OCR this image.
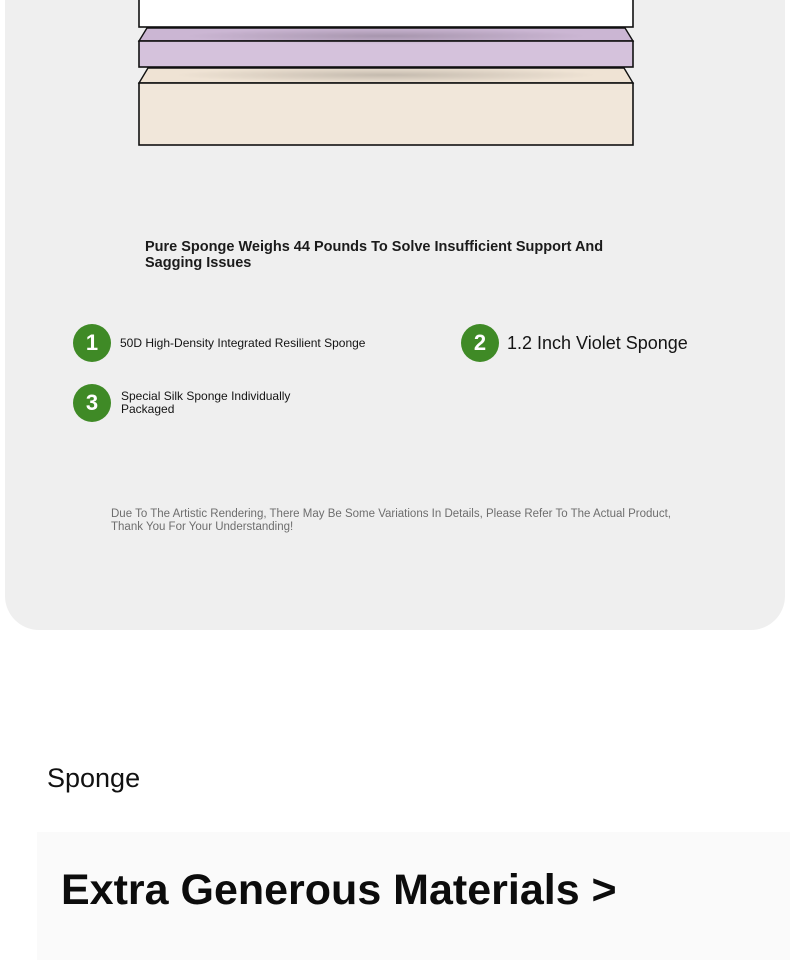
Pure Sponge Weighs 44 Pounds To Solve Insufficient Support And Sagging Issues
1	50D High-Density Integrated Resilient Sponge	2	1.2 Inch Violet Sponge
3	Special Silk Sponge Individually Packaged
Due To The Artistic Rendering, There May Be Some Variations In Details, Please Refer To The Actual Product, Thank You For Your Understanding!
Sponge
Extra Generous Materials >
